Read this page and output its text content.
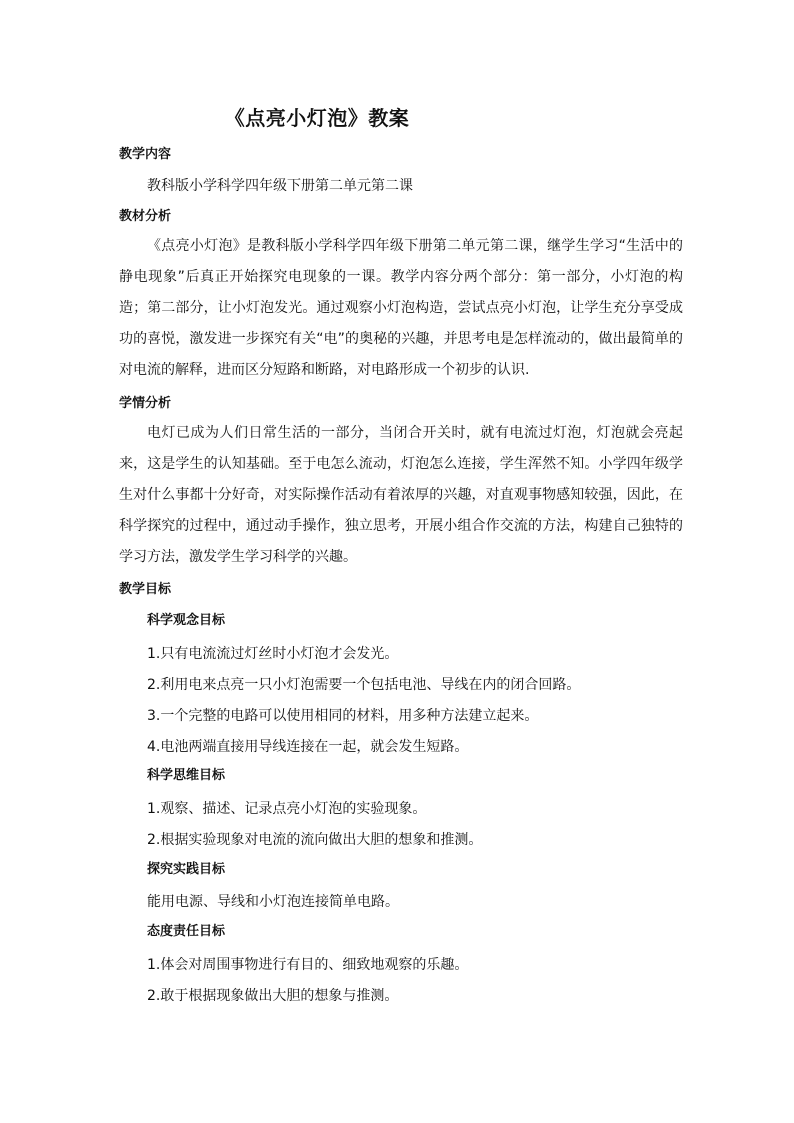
《点亮小灯泡》教案
教学内容
教科版小学科学四年级下册第二单元第二课
教材分析

《点亮小灯泡》是教科版小学科学四年级下册第二单元第二课，继学生学习“生活中的静电现象”后真正开始探究电现象的一课。教学内容分两个部分：第一部分，小灯泡的构造；第二部分，让小灯泡发光。通过观察小灯泡构造，尝试点亮小灯泡，让学生充分享受成功的喜悦，激发进一步探究有关“电”的奥秘的兴趣，并思考电是怎样流动的，做出最简单的对电流的解释，进而区分短路和断路，对电路形成一个初步的认识.

学情分析

电灯已成为人们日常生活的一部分，当闭合开关时，就有电流过灯泡，灯泡就会亮起来，这是学生的认知基础。至于电怎么流动，灯泡怎么连接，学生浑然不知。小学四年级学生对什么事都十分好奇，对实际操作活动有着浓厚的兴趣，对直观事物感知较强，因此，在科学探究的过程中，通过动手操作，独立思考，开展小组合作交流的方法，构建自己独特的学习方法，激发学生学习科学的兴趣。

教学目标
科学观念目标
1.只有电流流过灯丝时小灯泡才会发光。
2.利用电来点亮一只小灯泡需要一个包括电池、导线在内的闭合回路。
3.一个完整的电路可以使用相同的材料，用多种方法建立起来。
4.电池两端直接用导线连接在一起，就会发生短路。
科学思维目标
1.观察、描述、记录点亮小灯泡的实验现象。
2.根据实验现象对电流的流向做出大胆的想象和推测。
探究实践目标
能用电源、导线和小灯泡连接简单电路。
态度责任目标
1.体会对周围事物进行有目的、细致地观察的乐趣。
2.敢于根据现象做出大胆的想象与推测。
